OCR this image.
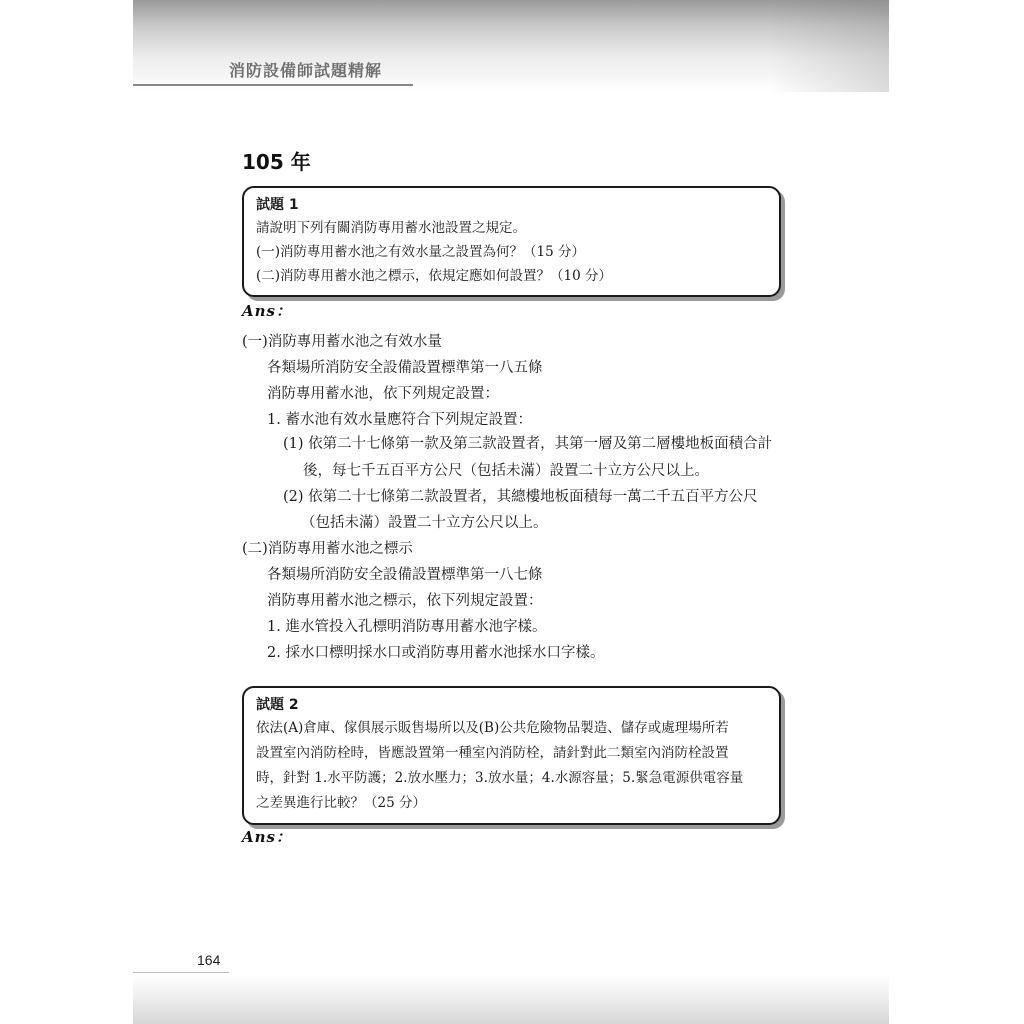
消防設備師試題精解
105 年
試題 1
請說明下列有關消防專用蓄水池設置之規定。
(一)消防專用蓄水池之有效水量之設置為何？（15 分）
(二)消防專用蓄水池之標示，依規定應如何設置？（10 分）
Ans：
(一)消防專用蓄水池之有效水量
各類場所消防安全設備設置標準第一八五條
消防專用蓄水池，依下列規定設置：
1. 蓄水池有效水量應符合下列規定設置：
(1) 依第二十七條第一款及第三款設置者，其第一層及第二層樓地板面積合計
後，每七千五百平方公尺（包括未滿）設置二十立方公尺以上。
(2) 依第二十七條第二款設置者，其總樓地板面積每一萬二千五百平方公尺
（包括未滿）設置二十立方公尺以上。
(二)消防專用蓄水池之標示
各類場所消防安全設備設置標準第一八七條
消防專用蓄水池之標示，依下列規定設置：
1. 進水管投入孔標明消防專用蓄水池字樣。
2. 採水口標明採水口或消防專用蓄水池採水口字樣。
試題 2
依法(A)倉庫、傢俱展示販售場所以及(B)公共危險物品製造、儲存或處理場所若
設置室內消防栓時，皆應設置第一種室內消防栓，請針對此二類室內消防栓設置
時，針對 1.水平防護；2.放水壓力；3.放水量；4.水源容量；5.緊急電源供電容量
之差異進行比較？（25 分）
Ans：
164
